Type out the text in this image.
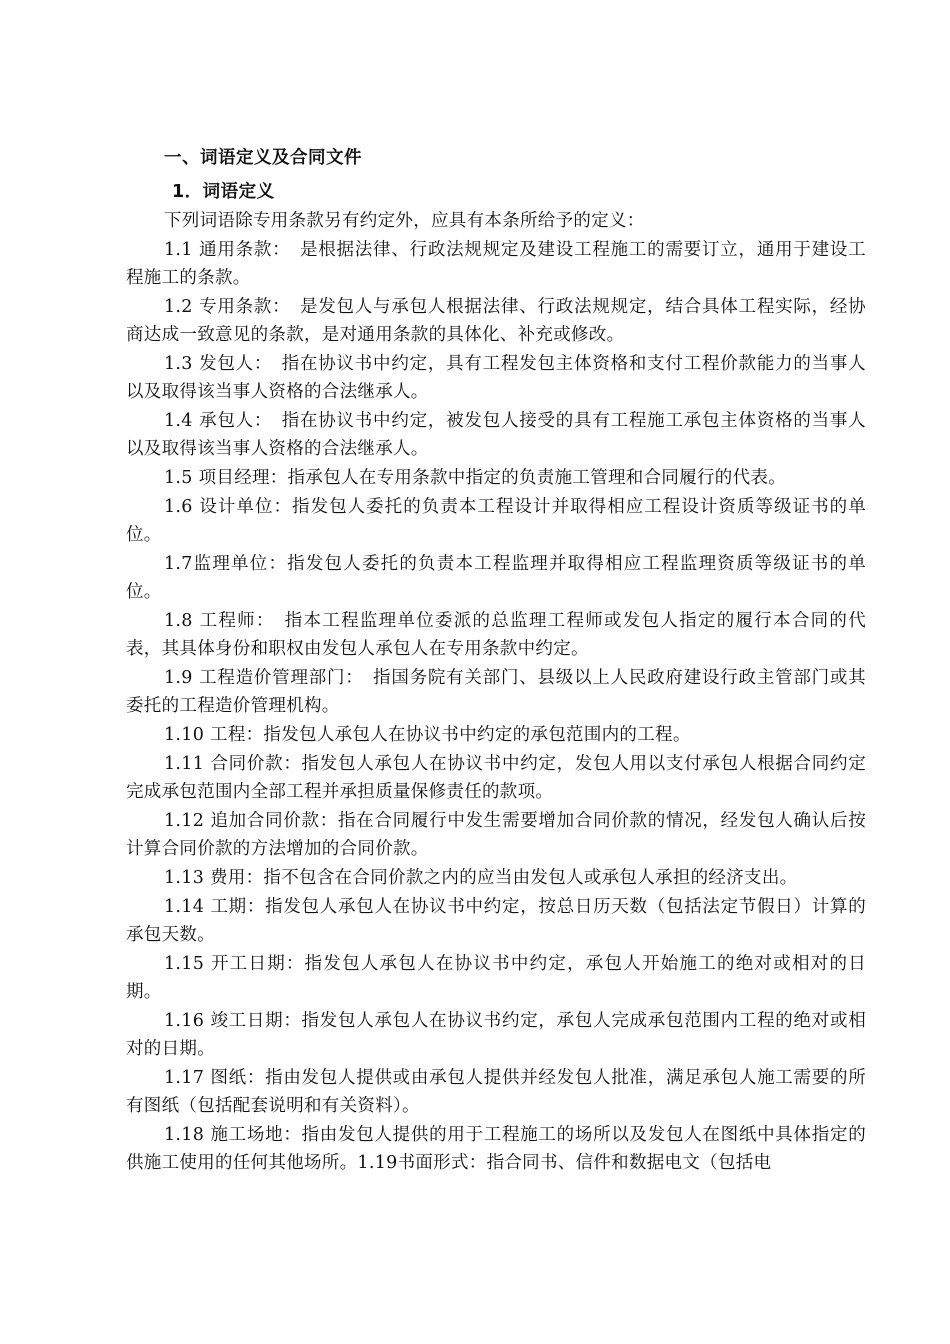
一、词语定义及合同文件
1．词语定义

下列词语除专用条款另有约定外，应具有本条所给予的定义：

1.1 通用条款：　是根据法律、行政法规规定及建设工程施工的需要订立，通用于建设工程施工的条款。

1.2 专用条款：　是发包人与承包人根据法律、行政法规规定，结合具体工程实际，经协商达成一致意见的条款，是对通用条款的具体化、补充或修改。

1.3 发包人：　指在协议书中约定，具有工程发包主体资格和支付工程价款能力的当事人以及取得该当事人资格的合法继承人。

1.4 承包人：　指在协议书中约定，被发包人接受的具有工程施工承包主体资格的当事人以及取得该当事人资格的合法继承人。

1.5 项目经理：指承包人在专用条款中指定的负责施工管理和合同履行的代表。

1.6 设计单位：指发包人委托的负责本工程设计并取得相应工程设计资质等级证书的单位。

1.7监理单位：指发包人委托的负责本工程监理并取得相应工程监理资质等级证书的单位。

1.8 工程师：　指本工程监理单位委派的总监理工程师或发包人指定的履行本合同的代表，其具体身份和职权由发包人承包人在专用条款中约定。

1.9 工程造价管理部门：　指国务院有关部门、县级以上人民政府建设行政主管部门或其委托的工程造价管理机构。

1.10 工程：指发包人承包人在协议书中约定的承包范围内的工程。

1.11 合同价款：指发包人承包人在协议书中约定，发包人用以支付承包人根据合同约定完成承包范围内全部工程并承担质量保修责任的款项。

1.12 追加合同价款：指在合同履行中发生需要增加合同价款的情况，经发包人确认后按计算合同价款的方法增加的合同价款。

1.13 费用：指不包含在合同价款之内的应当由发包人或承包人承担的经济支出。

1.14 工期：指发包人承包人在协议书中约定，按总日历天数（包括法定节假日）计算的承包天数。

1.15 开工日期：指发包人承包人在协议书中约定，承包人开始施工的绝对或相对的日期。

1.16 竣工日期：指发包人承包人在协议书约定，承包人完成承包范围内工程的绝对或相对的日期。

1.17 图纸：指由发包人提供或由承包人提供并经发包人批准，满足承包人施工需要的所有图纸（包括配套说明和有关资料）。

1.18 施工场地：指由发包人提供的用于工程施工的场所以及发包人在图纸中具体指定的供施工使用的任何其他场所。1.19书面形式：指合同书、信件和数据电文（包括电
